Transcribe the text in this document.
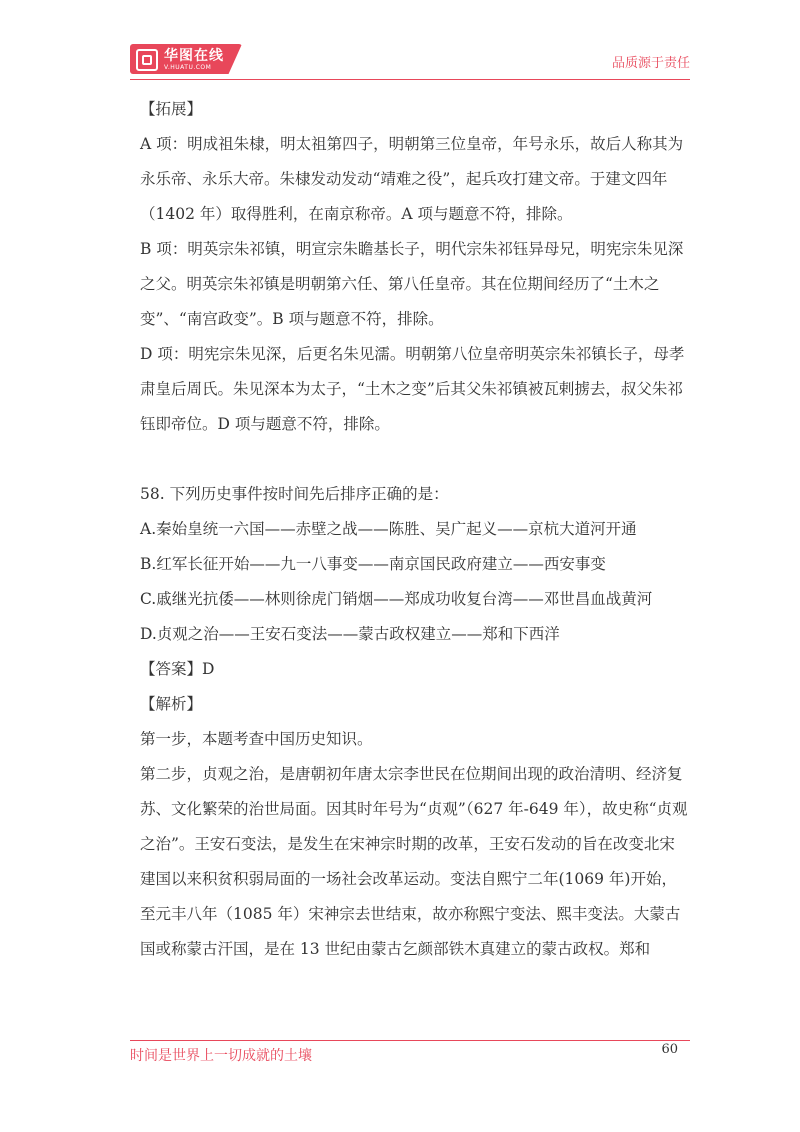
华图在线
V.HUATU.COM	品质源于责任

【拓展】

A 项：明成祖朱棣，明太祖第四子，明朝第三位皇帝，年号永乐，故后人称其为永乐帝、永乐大帝。朱棣发动发动“靖难之役”，起兵攻打建文帝。于建文四年（1402 年）取得胜利，在南京称帝。A 项与题意不符，排除。

B 项：明英宗朱祁镇，明宣宗朱瞻基长子，明代宗朱祁钰异母兄，明宪宗朱见深之父。明英宗朱祁镇是明朝第六任、第八任皇帝。其在位期间经历了“土木之变”、“南宫政变”。B 项与题意不符，排除。

D 项：明宪宗朱见深，后更名朱见濡。明朝第八位皇帝明英宗朱祁镇长子，母孝肃皇后周氏。朱见深本为太子，“土木之变”后其父朱祁镇被瓦剌掳去，叔父朱祁钰即帝位。D 项与题意不符，排除。

58. 下列历史事件按时间先后排序正确的是：

A.秦始皇统一六国——赤壁之战——陈胜、吴广起义——京杭大道河开通

B.红军长征开始——九一八事变——南京国民政府建立——西安事变

C.戚继光抗倭——林则徐虎门销烟——郑成功收复台湾——邓世昌血战黄河

D.贞观之治——王安石变法——蒙古政权建立——郑和下西洋

【答案】D

【解析】

第一步，本题考查中国历史知识。

第二步，贞观之治，是唐朝初年唐太宗李世民在位期间出现的政治清明、经济复苏、文化繁荣的治世局面。因其时年号为“贞观”（627 年-649 年），故史称“贞观之治”。王安石变法，是发生在宋神宗时期的改革，王安石发动的旨在改变北宋建国以来积贫积弱局面的一场社会改革运动。变法自熙宁二年(1069 年)开始，至元丰八年（1085 年）宋神宗去世结束，故亦称熙宁变法、熙丰变法。大蒙古国或称蒙古汗国，是在 13 世纪由蒙古乞颜部铁木真建立的蒙古政权。郑和

时间是世界上一切成就的土壤	60
